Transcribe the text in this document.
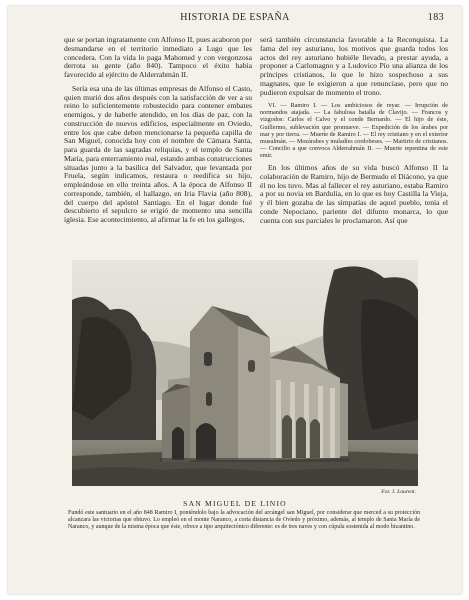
HISTORIA DE ESPAÑA	183

que se portan ingratamente con Alfonso II, pues acaboron por desmandarse en el territorio inmediato a Lugo que les concedera. Con la vida lo paga Mahomed y con vergonzosa derrota su gente (año 840). Tampoco el éxito habia favorecido al ejército de Alderrahmán II.

Sería esa una de las últimas empresas de Alfonso el Casto, quien murió dos años después con la satisfacción de ver a su reino lo suficientemente robustecido para contener embates enemigos, y de haberle atendido, en los días de paz, con la construcción de nuevos edificios, especialmente en Oviedo, entre los que cabe deben mencionarse la pequeña capilla de San Miguel, conocida hoy con el nombre de Cámara Santa, para guarda de las sagradas reliquias, y el templo de Santa María, para enterramiento real, estando ambas construcciones situadas junto a la basílica del Salvador, que levantada por Fruela, según indicamos, restaura o reedifica su hijo, empleándose en ello treinta años. A la época de Alfonso II corresponde, también, el hallazgo, en Iria Flavia (año 808), del cuerpo del apóstol Santiago. En el lugar donde fué descubierto el sepulcro se erigió de momento una sencilla iglesia. Ese acontecimiento, al afirmar la fe en los gallegos,

será también circunstancia favorable a la Reconquista. La fama del rey asturiano, los motivos que guarda todos los actos del rey asturiano hubiéle llevado, a prestar ayuda, a proponer a Carlomagno y a Ludovico Pío una alianza de los príncipes cristianos, lo que le hizo sospechoso a sus magnates, que le exigieron a que renunciase, pero que no pudieron expulsar de momento el trono.

VI. — Ramiro I. — Los ambiciosos de reyar. — Irrupción de normandos atajada. — La fabulosa batalla de Clavijo. — Francos y vizgodos: Carlos el Calvo y el conde Bernardo. — El hijo de éste, Guillermo, sublevación que promueve. — Expedición de los árabes por mar y por tierra. — Muerte de Ramiro I. — El rey cristiano y en el exterior musulmán. — Mozárabes y muladíes cordobeses. — Martirio de cristianos. — Concilio a que convoca Alderrahmán II. — Muerte repentina de este emir.

En los últimos años de su vida buscó Alfonso II la colaboración de Ramiro, hijo de Bermudo el Diácono, ya que él no los tuvo. Mas al fallecer el rey asturiano, estaba Ramiro a por su novia en Bardulia, en lo que es hoy Castilla la Vieja, y él bien gozaba de las simpatías de aquel pueblo, tenía el conde Nepociano, pariente del difunto monarca, lo que cuenta con sus parciales le proclamaron. Así que

Fot. J. Laurent.
SAN MIGUEL DE LINIO
Fundó este santuario en el año 848 Ramiro I, poniéndolo bajo la advocación del arcángel san Miguel, por considerar que merced a su protección alcanzara las victorias que obtuvo. Lo empleó en el monte Naranco, a corta distancia de Oviedo y próximo, además, al templo de Santa María de Naranco, y aunque de la misma época que éste, ofrece a tipo arquitectónico diferente: es de tres naves y con cúpula sostenida al modo bizantino.
